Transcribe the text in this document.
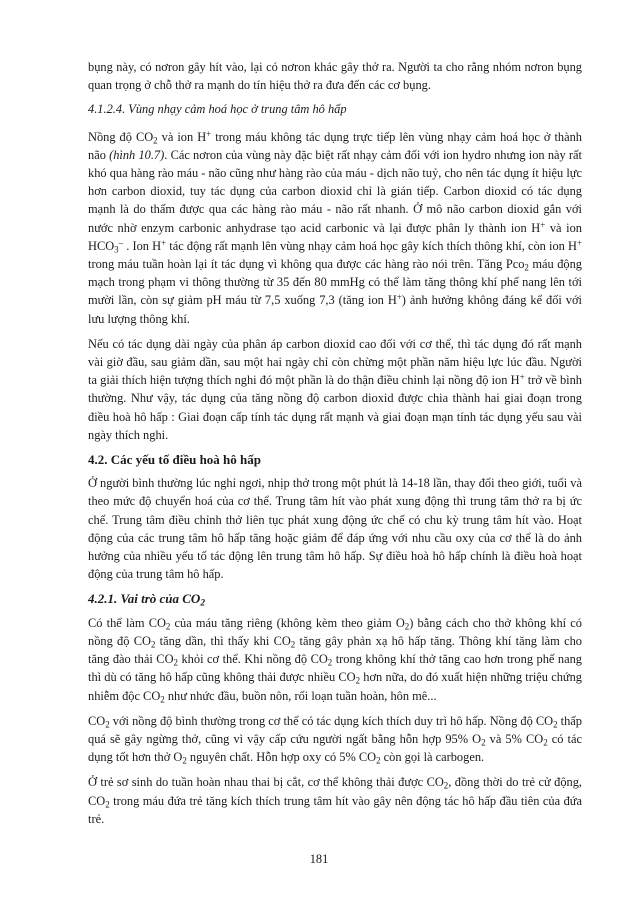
bụng này, có nơron gây hít vào, lại có nơron khác gây thở ra. Người ta cho rằng nhóm nơron bụng quan trọng ở chỗ thở ra mạnh do tín hiệu thở ra đưa đến các cơ bụng.

4.1.2.4. Vùng nhạy cảm hoá học ở trung tâm hô hấp

Nồng độ $CO_2$ và ion H+ trong máu không tác dụng trực tiếp lên vùng nhạy cảm hoá học ở thành não (hình 10.7). Các nơron của vùng này đặc biệt rất nhạy cảm đối với ion hydro nhưng ion này rất khó qua hàng rào máu - não cũng như hàng rào của máu - dịch não tuỷ, cho nên tác dụng ít hiệu lực hơn carbon dioxid, tuy tác dụng của carbon dioxid chỉ là gián tiếp. Carbon dioxid có tác dụng mạnh là do thấm được qua các hàng rào máu - não rất nhanh. Ở mô não carbon dioxid gắn với nước nhờ enzym carbonic anhydrase tạo acid carbonic và lại được phân ly thành ion H+ và ion $HCO_3^-$ . Ion H+ tác động rất mạnh lên vùng nhạy cảm hoá học gây kích thích thông khí, còn ion H+ trong máu tuần hoàn lại ít tác dụng vì không qua được các hàng rào nói trên. Tăng Pco$_2$ máu động mạch trong phạm vi thông thường từ 35 đến 80 mmHg có thể làm tăng thông khí phế nang lên tới mười lần, còn sự giảm pH máu từ 7,5 xuống 7,3 (tăng ion H+) ảnh hưởng không đáng kể đối với lưu lượng thông khí.

Nếu có tác dụng dài ngày của phân áp carbon dioxid cao đối với cơ thể, thì tác dụng đó rất mạnh vài giờ đầu, sau giảm dần, sau một hai ngày chỉ còn chừng một phần năm hiệu lực lúc đầu. Người ta giải thích hiện tượng thích nghi đó một phần là do thận điều chỉnh lại nồng độ ion H+ trở về bình thường. Như vậy, tác dụng của tăng nồng độ carbon dioxid được chia thành hai giai đoạn trong điều hoà hô hấp : Giai đoạn cấp tính tác dụng rất mạnh và giai đoạn mạn tính tác dụng yếu sau vài ngày thích nghi.

4.2. Các yếu tố điều hoà hô hấp

Ở người bình thường lúc nghỉ ngơi, nhịp thở trong một phút là 14-18 lần, thay đổi theo giới, tuổi và theo mức độ chuyển hoá của cơ thể. Trung tâm hít vào phát xung động thì trung tâm thở ra bị ức chế. Trung tâm điều chỉnh thở liên tục phát xung động ức chế có chu kỳ trung tâm hít vào. Hoạt động của các trung tâm hô hấp tăng hoặc giảm để đáp ứng với nhu cầu oxy của cơ thể là do ảnh hưởng của nhiều yếu tố tác động lên trung tâm hô hấp. Sự điều hoà hô hấp chính là điều hoà hoạt động của trung tâm hô hấp.

4.2.1. Vai trò của $CO_2$

Có thể làm $CO_2$ của máu tăng riêng (không kèm theo giảm $O_2$) bằng cách cho thở không khí có nồng độ $CO_2$ tăng dần, thì thấy khi $CO_2$ tăng gây phản xạ hô hấp tăng. Thông khí tăng làm cho tăng đào thải $CO_2$ khỏi cơ thể. Khi nồng độ $CO_2$ trong không khí thở tăng cao hơn trong phế nang thì dù có tăng hô hấp cũng không thải được nhiều $CO_2$ hơn nữa, do đó xuất hiện những triệu chứng nhiễm độc $CO_2$ như nhức đầu, buồn nôn, rối loạn tuần hoàn, hôn mê...

$CO_2$ với nồng độ bình thường trong cơ thể có tác dụng kích thích duy trì hô hấp. Nồng độ $CO_2$ thấp quá sẽ gây ngừng thở, cũng vì vậy cấp cứu người ngất bằng hỗn hợp 95% $O_2$ và 5% $CO_2$ có tác dụng tốt hơn thở $O_2$ nguyên chất. Hỗn hợp oxy có 5% $CO_2$ còn gọi là carbogen.

Ở trẻ sơ sinh do tuần hoàn nhau thai bị cắt, cơ thể không thải được $CO_2$, đồng thời do trẻ cử động, $CO_2$ trong máu đứa trẻ tăng kích thích trung tâm hít vào gây nên động tác hô hấp đầu tiên của đứa trẻ.

181
